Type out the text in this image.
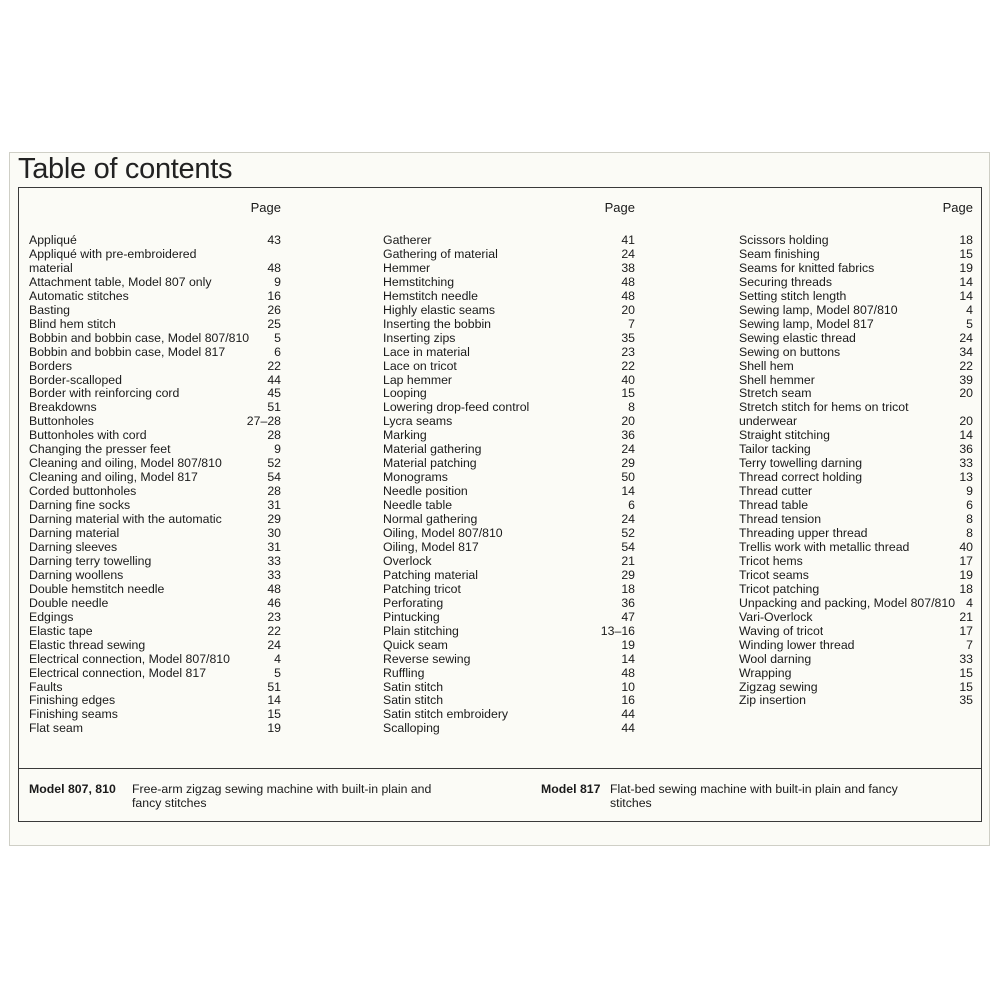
Table of contents
Page
Appliqué	43
Appliqué with pre-embroidered
material	48
Attachment table, Model 807 only	9
Automatic stitches	16
Basting	26
Blind hem stitch	25
Bobbin and bobbin case, Model 807/810 5
Bobbin and bobbin case, Model 817	6
Borders	22
Border-scalloped	44
Border with reinforcing cord	45
Breakdowns	51
Buttonholes	27–28
Buttonholes with cord	28
Changing the presser feet	9
Cleaning and oiling, Model 807/810	52
Cleaning and oiling, Model 817	54
Corded buttonholes	28
Darning fine socks	31
Darning material with the automatic	29
Darning material	30
Darning sleeves	31
Darning terry towelling	33
Darning woollens	33
Double hemstitch needle	48
Double needle	46
Edgings	23
Elastic tape	22
Elastic thread sewing	24
Electrical connection, Model 807/810	4
Electrical connection, Model 817	5
Faults	51
Finishing edges	14
Finishing seams	15
Flat seam	19
Page
Gatherer	41
Gathering of material	24
Hemmer	38
Hemstitching	48
Hemstitch needle	48
Highly elastic seams	20
Inserting the bobbin	7
Inserting zips	35
Lace in material	23
Lace on tricot	22
Lap hemmer	40
Looping	15
Lowering drop-feed control	8
Lycra seams	20
Marking	36
Material gathering	24
Material patching	29
Monograms	50
Needle position	14
Needle table	6
Normal gathering	24
Oiling, Model 807/810	52
Oiling, Model 817	54
Overlock	21
Patching material	29
Patching tricot	18
Perforating	36
Pintucking	47
Plain stitching	13–16
Quick seam	19
Reverse sewing	14
Ruffling	48
Satin stitch	10
Satin stitch	16
Satin stitch embroidery	44
Scalloping	44
Page
Scissors holding	18
Seam finishing	15
Seams for knitted fabrics	19
Securing threads	14
Setting stitch length	14
Sewing lamp, Model 807/810	4
Sewing lamp, Model 817	5
Sewing elastic thread	24
Sewing on buttons	34
Shell hem	22
Shell hemmer	39
Stretch seam	20
Stretch stitch for hems on tricot
underwear	20
Straight stitching	14
Tailor tacking	36
Terry towelling darning	33
Thread correct holding	13
Thread cutter	9
Thread table	6
Thread tension	8
Threading upper thread	8
Trellis work with metallic thread	40
Tricot hems	17
Tricot seams	19
Tricot patching	18
Unpacking and packing, Model 807/810 4
Vari-Overlock	21
Waving of tricot	17
Winding lower thread	7
Wool darning	33
Wrapping	15
Zigzag sewing	15
Zip insertion	35
Model 807, 810	Free-arm zigzag sewing machine with built-in plain and fancy stitches
Model 817 Flat-bed sewing machine with built-in plain and fancy stitches
